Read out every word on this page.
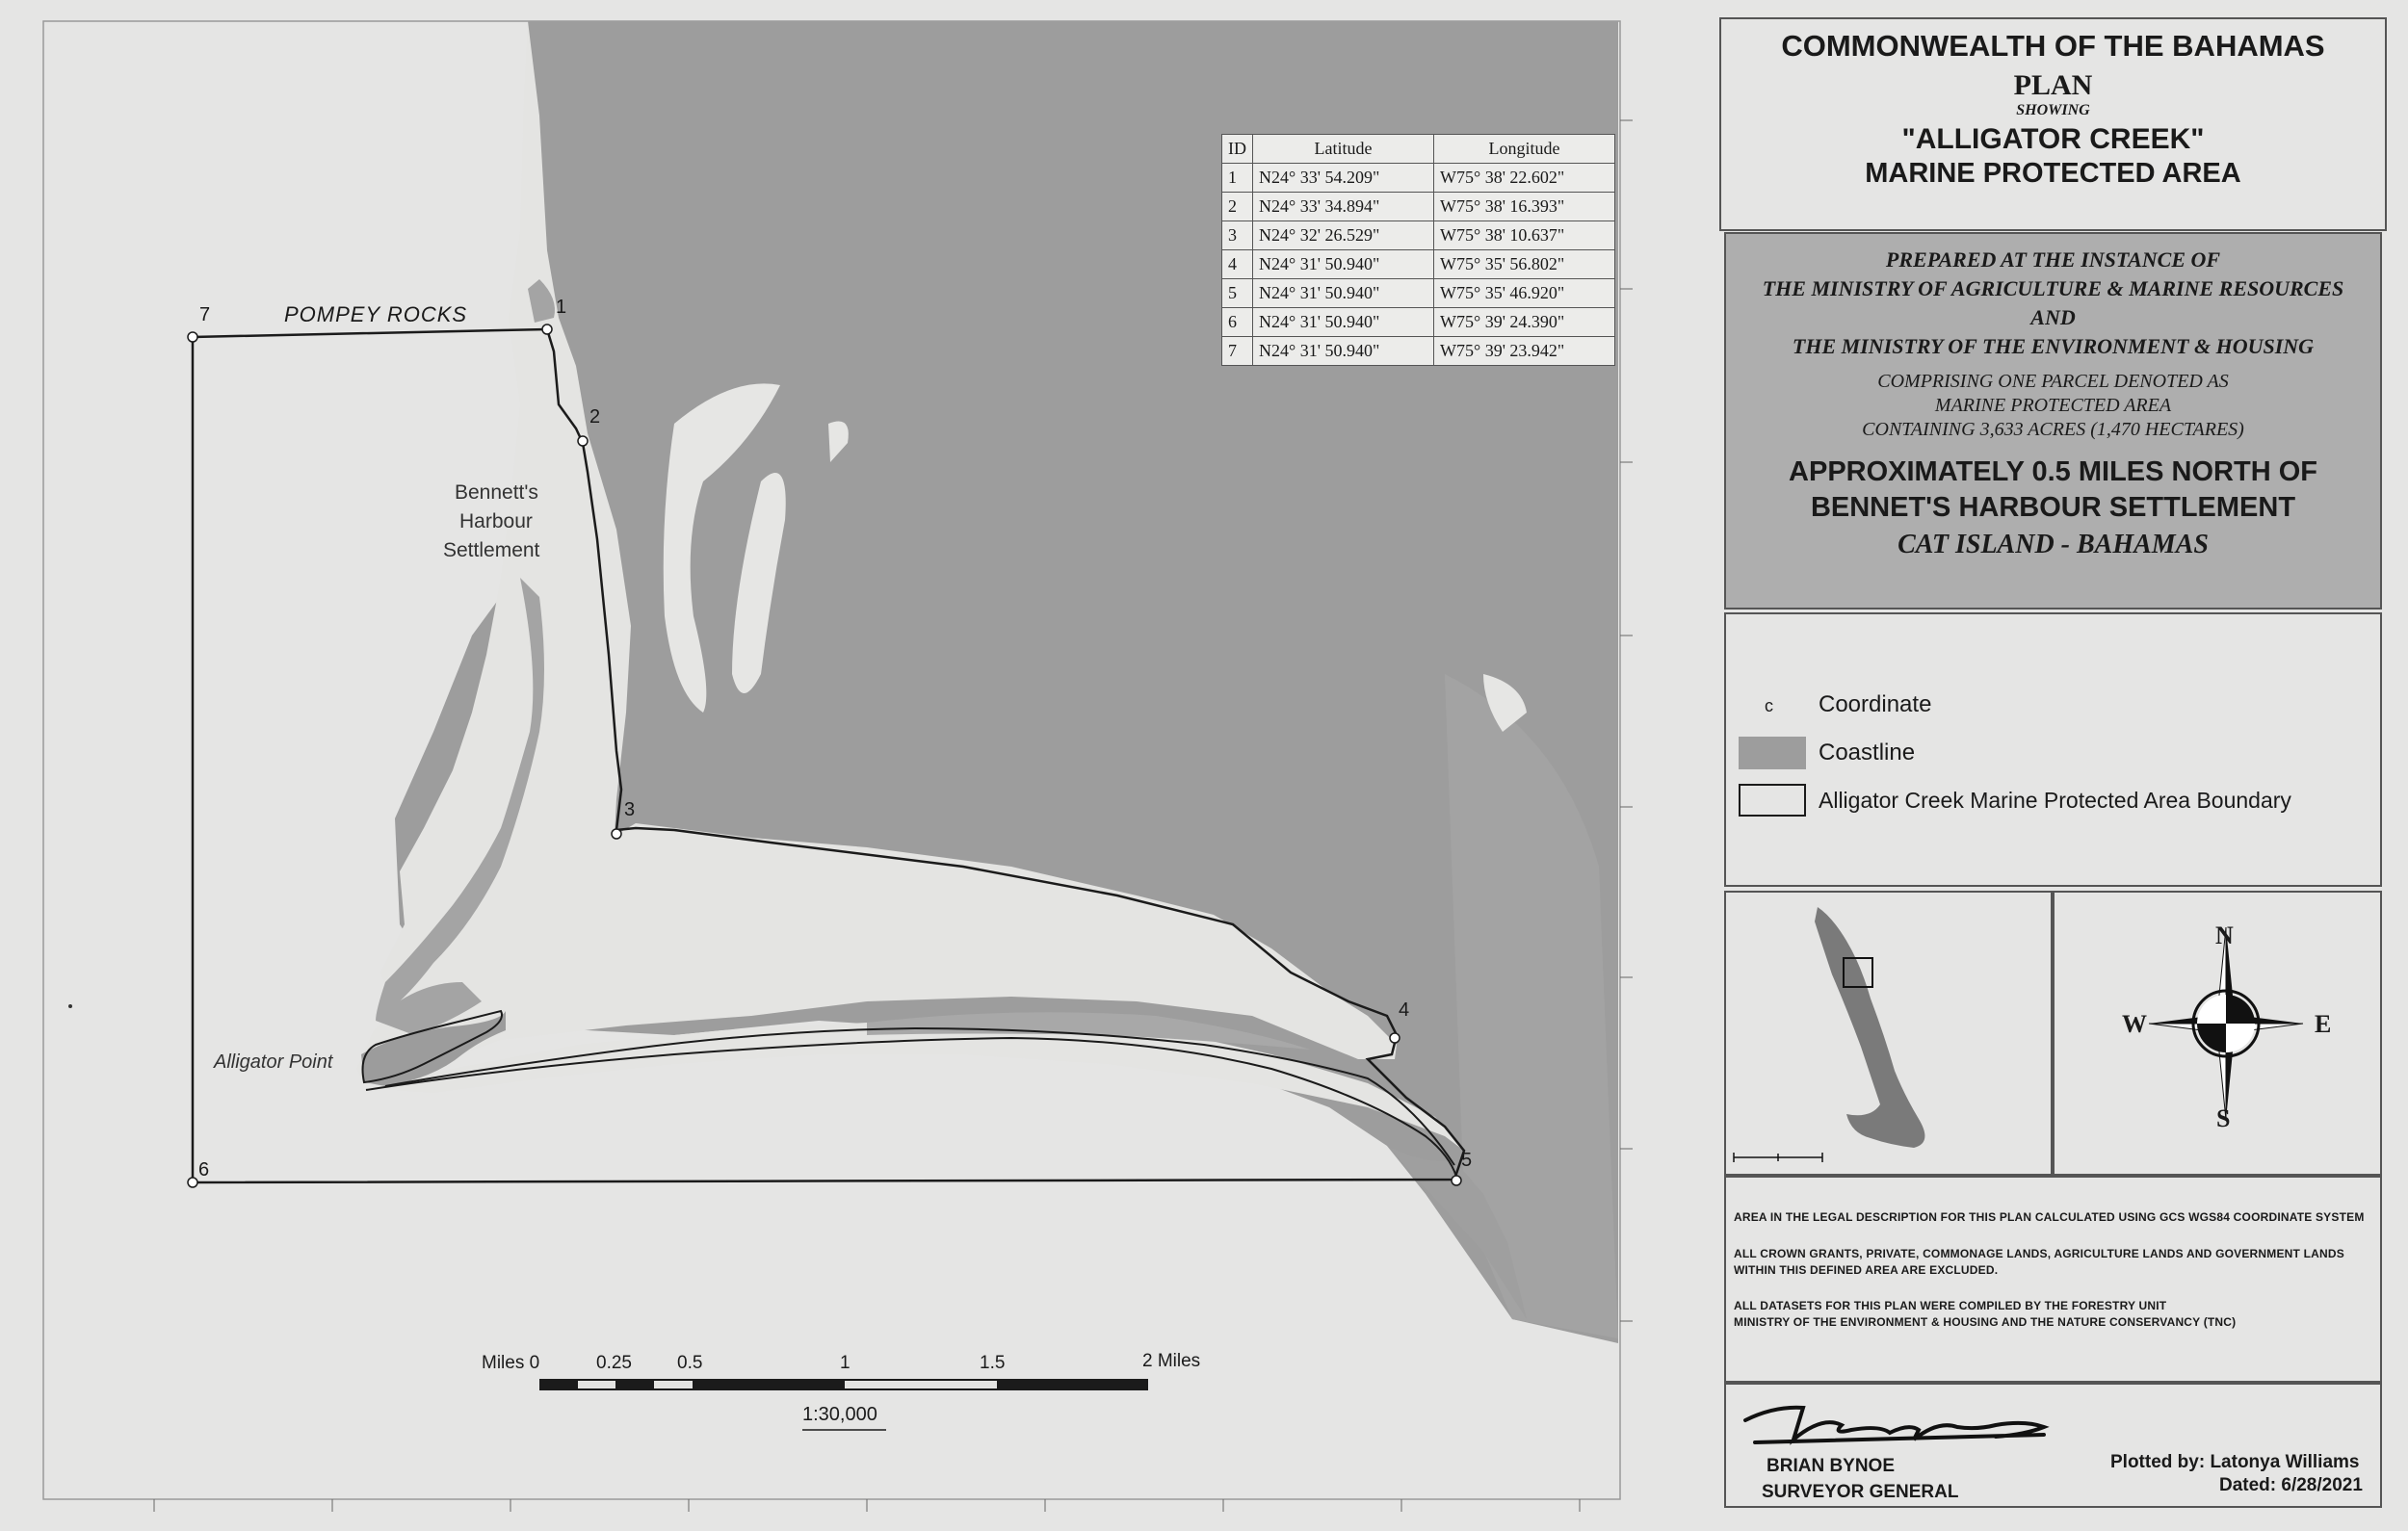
POMPEY ROCKS
Bennett's
Harbour
Settlement
Alligator Point
1
2
3
4
5
6
7
ID	Latitude	Longitude
1	N24° 33' 54.209"	W75° 38' 22.602"
2	N24° 33' 34.894"	W75° 38' 16.393"
3	N24° 32' 26.529"	W75° 38' 10.637"
4	N24° 31' 50.940"	W75° 35' 56.802"
5	N24° 31' 50.940"	W75° 35' 46.920"
6	N24° 31' 50.940"	W75° 39' 24.390"
7	N24° 31' 50.940"	W75° 39' 23.942"
Miles 0	0.25 0.5	1	1.5	2 Miles
1:30,000
COMMONWEALTH OF THE BAHAMAS
PLAN
SHOWING
"ALLIGATOR CREEK"
MARINE PROTECTED AREA
PREPARED AT THE INSTANCE OF
THE MINISTRY OF AGRICULTURE & MARINE RESOURCES
AND
THE MINISTRY OF THE ENVIRONMENT & HOUSING
COMPRISING ONE PARCEL DENOTED AS
MARINE PROTECTED AREA
CONTAINING 3,633 ACRES (1,470 HECTARES)
APPROXIMATELY 0.5 MILES NORTH OF
BENNET'S HARBOUR SETTLEMENT
CAT ISLAND - BAHAMAS
c Coordinate
Coastline
Alligator Creek Marine Protected Area Boundary
N
S
E
W
AREA IN THE LEGAL DESCRIPTION FOR THIS PLAN CALCULATED USING GCS WGS84 COORDINATE SYSTEM
ALL CROWN GRANTS, PRIVATE, COMMONAGE LANDS, AGRICULTURE LANDS AND GOVERNMENT LANDS
WITHIN THIS DEFINED AREA ARE EXCLUDED.
ALL DATASETS FOR THIS PLAN WERE COMPILED BY THE FORESTRY UNIT
MINISTRY OF THE ENVIRONMENT & HOUSING AND THE NATURE CONSERVANCY (TNC)
BRIAN BYNOE
SURVEYOR GENERAL
Plotted by: Latonya Williams
Dated: 6/28/2021
